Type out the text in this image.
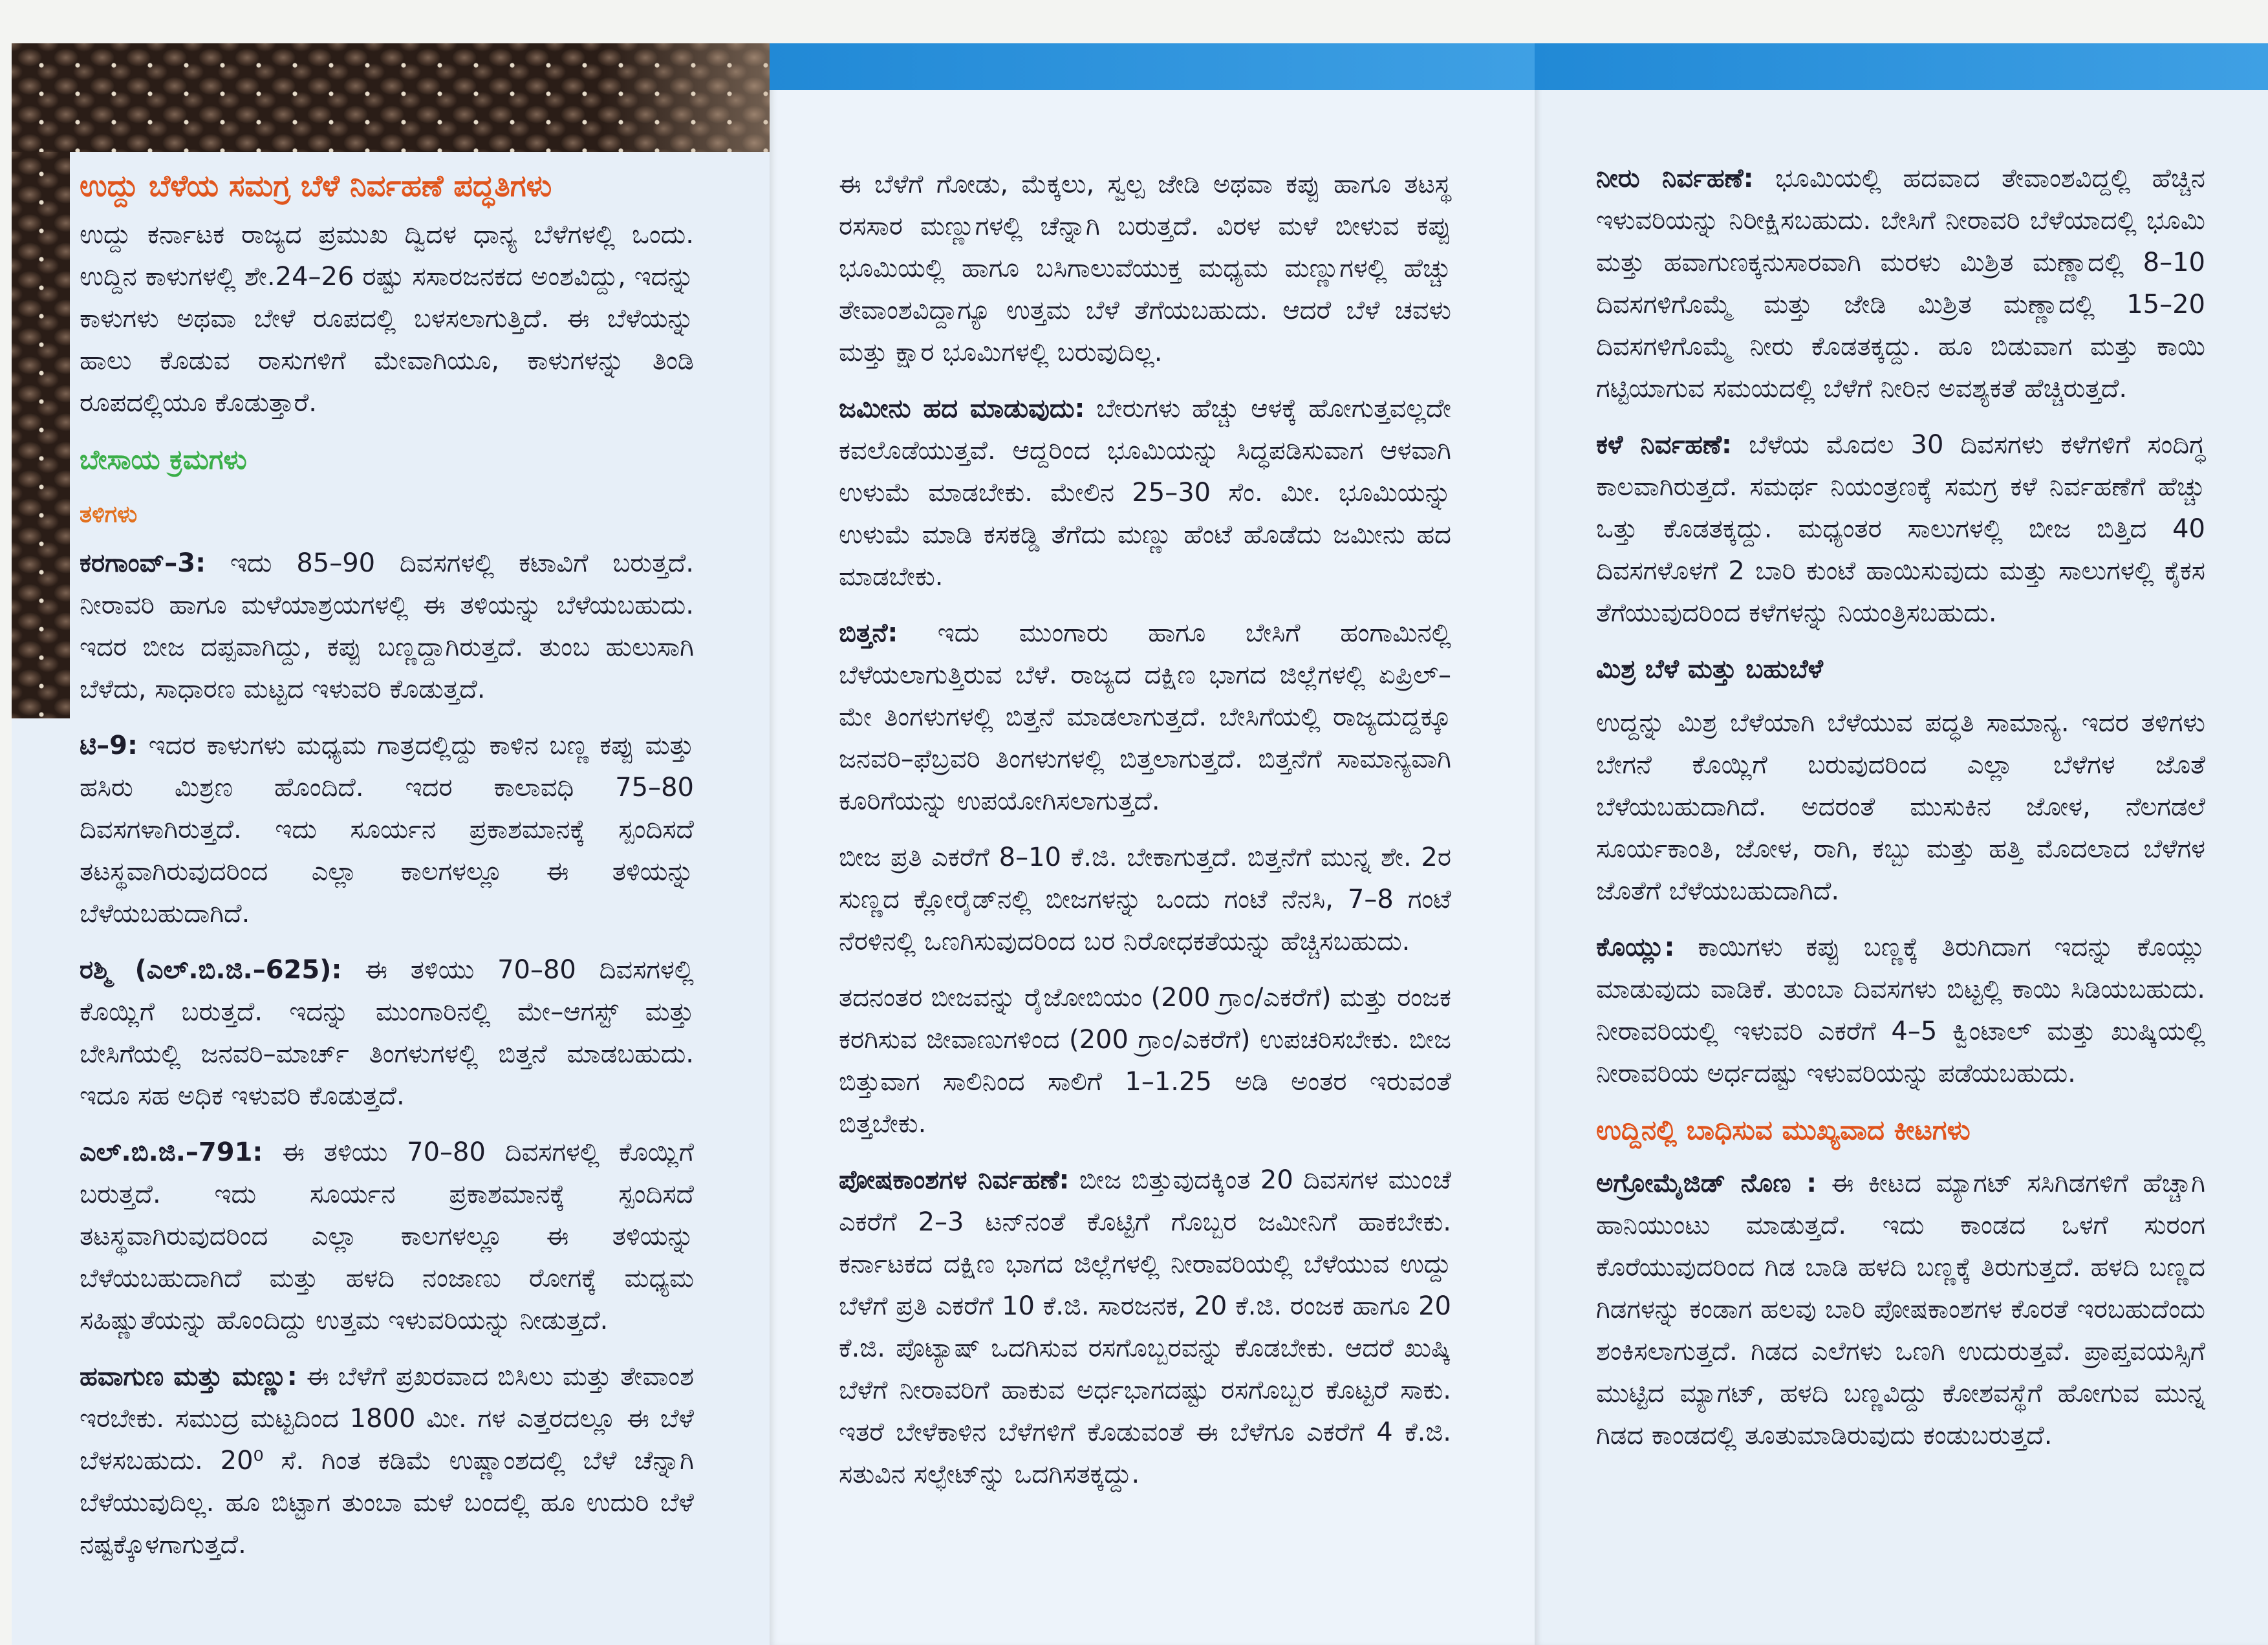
ಉದ್ದು ಬೆಳೆಯ ಸಮಗ್ರ ಬೆಳೆ ನಿರ್ವಹಣೆ ಪದ್ಧತಿಗಳು

ಉದ್ದು ಕರ್ನಾಟಕ ರಾಜ್ಯದ ಪ್ರಮುಖ ದ್ವಿದಳ ಧಾನ್ಯ ಬೆಳೆಗಳಲ್ಲಿ ಒಂದು. ಉದ್ದಿನ ಕಾಳುಗಳಲ್ಲಿ ಶೇ.24–26 ರಷ್ಟು ಸಸಾರಜನಕದ ಅಂಶವಿದ್ದು, ಇದನ್ನು ಕಾಳುಗಳು ಅಥವಾ ಬೇಳೆ ರೂಪದಲ್ಲಿ ಬಳಸಲಾಗುತ್ತಿದೆ. ಈ ಬೆಳೆಯನ್ನು ಹಾಲು ಕೊಡುವ ರಾಸುಗಳಿಗೆ ಮೇವಾಗಿಯೂ, ಕಾಳುಗಳನ್ನು ತಿಂಡಿ ರೂಪದಲ್ಲಿಯೂ ಕೊಡುತ್ತಾರೆ.

ಬೇಸಾಯ ಕ್ರಮಗಳು
ತಳಿಗಳು

ಕರಗಾಂವ್–3: ಇದು 85–90 ದಿವಸಗಳಲ್ಲಿ ಕಟಾವಿಗೆ ಬರುತ್ತದೆ. ನೀರಾವರಿ ಹಾಗೂ ಮಳೆಯಾಶ್ರಯಗಳಲ್ಲಿ ಈ ತಳಿಯನ್ನು ಬೆಳೆಯಬಹುದು. ಇದರ ಬೀಜ ದಪ್ಪವಾಗಿದ್ದು, ಕಪ್ಪು ಬಣ್ಣದ್ದಾಗಿರುತ್ತದೆ. ತುಂಬ ಹುಲುಸಾಗಿ ಬೆಳೆದು, ಸಾಧಾರಣ ಮಟ್ಟದ ಇಳುವರಿ ಕೊಡುತ್ತದೆ.

ಟಿ–9: ಇದರ ಕಾಳುಗಳು ಮಧ್ಯಮ ಗಾತ್ರದಲ್ಲಿದ್ದು ಕಾಳಿನ ಬಣ್ಣ ಕಪ್ಪು ಮತ್ತು ಹಸಿರು ಮಿಶ್ರಣ ಹೊಂದಿದೆ. ಇದರ ಕಾಲಾವಧಿ 75–80 ದಿವಸಗಳಾಗಿರುತ್ತದೆ. ಇದು ಸೂರ್ಯನ ಪ್ರಕಾಶಮಾನಕ್ಕೆ ಸ್ಪಂದಿಸದೆ ತಟಸ್ಥವಾಗಿರುವುದರಿಂದ ಎಲ್ಲಾ ಕಾಲಗಳಲ್ಲೂ ಈ ತಳಿಯನ್ನು ಬೆಳೆಯಬಹುದಾಗಿದೆ.

ರಶ್ಮಿ (ಎಲ್.ಬಿ.ಜಿ.–625): ಈ ತಳಿಯು 70–80 ದಿವಸಗಳಲ್ಲಿ ಕೊಯ್ಲಿಗೆ ಬರುತ್ತದೆ. ಇದನ್ನು ಮುಂಗಾರಿನಲ್ಲಿ ಮೇ–ಆಗಸ್ಟ್ ಮತ್ತು ಬೇಸಿಗೆಯಲ್ಲಿ ಜನವರಿ–ಮಾರ್ಚ್ ತಿಂಗಳುಗಳಲ್ಲಿ ಬಿತ್ತನೆ ಮಾಡಬಹುದು. ಇದೂ ಸಹ ಅಧಿಕ ಇಳುವರಿ ಕೊಡುತ್ತದೆ.

ಎಲ್.ಬಿ.ಜಿ.–791: ಈ ತಳಿಯು 70–80 ದಿವಸಗಳಲ್ಲಿ ಕೊಯ್ಲಿಗೆ ಬರುತ್ತದೆ. ಇದು ಸೂರ್ಯನ ಪ್ರಕಾಶಮಾನಕ್ಕೆ ಸ್ಪಂದಿಸದೆ ತಟಸ್ಥವಾಗಿರುವುದರಿಂದ ಎಲ್ಲಾ ಕಾಲಗಳಲ್ಲೂ ಈ ತಳಿಯನ್ನು ಬೆಳೆಯಬಹುದಾಗಿದೆ ಮತ್ತು ಹಳದಿ ನಂಜಾಣು ರೋಗಕ್ಕೆ ಮಧ್ಯಮ ಸಹಿಷ್ಣುತೆಯನ್ನು ಹೊಂದಿದ್ದು ಉತ್ತಮ ಇಳುವರಿಯನ್ನು ನೀಡುತ್ತದೆ.

ಹವಾಗುಣ ಮತ್ತು ಮಣ್ಣು: ಈ ಬೆಳೆಗೆ ಪ್ರಖರವಾದ ಬಿಸಿಲು ಮತ್ತು ತೇವಾಂಶ ಇರಬೇಕು. ಸಮುದ್ರ ಮಟ್ಟದಿಂದ 1800 ಮೀ. ಗಳ ಎತ್ತರದಲ್ಲೂ ಈ ಬೆಳೆ ಬೆಳಸಬಹುದು. 20⁰ ಸೆ. ಗಿಂತ ಕಡಿಮೆ ಉಷ್ಣಾಂಶದಲ್ಲಿ ಬೆಳೆ ಚೆನ್ನಾಗಿ ಬೆಳೆಯುವುದಿಲ್ಲ. ಹೂ ಬಿಟ್ಟಾಗ ತುಂಬಾ ಮಳೆ ಬಂದಲ್ಲಿ ಹೂ ಉದುರಿ ಬೆಳೆ ನಷ್ಟಕ್ಕೊಳಗಾಗುತ್ತದೆ.

ಈ ಬೆಳೆಗೆ ಗೋಡು, ಮೆಕ್ಕಲು, ಸ್ವಲ್ಪ ಜೇಡಿ ಅಥವಾ ಕಪ್ಪು ಹಾಗೂ ತಟಸ್ಥ ರಸಸಾರ ಮಣ್ಣುಗಳಲ್ಲಿ ಚೆನ್ನಾಗಿ ಬರುತ್ತದೆ. ವಿರಳ ಮಳೆ ಬೀಳುವ ಕಪ್ಪು ಭೂಮಿಯಲ್ಲಿ ಹಾಗೂ ಬಸಿಗಾಲುವೆಯುಕ್ತ ಮಧ್ಯಮ ಮಣ್ಣುಗಳಲ್ಲಿ ಹೆಚ್ಚು ತೇವಾಂಶವಿದ್ದಾಗ್ಯೂ ಉತ್ತಮ ಬೆಳೆ ತೆಗೆಯಬಹುದು. ಆದರೆ ಬೆಳೆ ಚವಳು ಮತ್ತು ಕ್ಷಾರ ಭೂಮಿಗಳಲ್ಲಿ ಬರುವುದಿಲ್ಲ.

ಜಮೀನು ಹದ ಮಾಡುವುದು: ಬೇರುಗಳು ಹೆಚ್ಚು ಆಳಕ್ಕೆ ಹೋಗುತ್ತವಲ್ಲದೇ ಕವಲೊಡೆಯುತ್ತವೆ. ಆದ್ದರಿಂದ ಭೂಮಿಯನ್ನು ಸಿದ್ಧಪಡಿಸುವಾಗ ಆಳವಾಗಿ ಉಳುಮೆ ಮಾಡಬೇಕು. ಮೇಲಿನ 25–30 ಸೆಂ. ಮೀ. ಭೂಮಿಯನ್ನು ಉಳುಮೆ ಮಾಡಿ ಕಸಕಡ್ಡಿ ತೆಗೆದು ಮಣ್ಣು ಹೆಂಟೆ ಹೊಡೆದು ಜಮೀನು ಹದ ಮಾಡಬೇಕು.

ಬಿತ್ತನೆ: ಇದು ಮುಂಗಾರು ಹಾಗೂ ಬೇಸಿಗೆ ಹಂಗಾಮಿನಲ್ಲಿ ಬೆಳೆಯಲಾಗುತ್ತಿರುವ ಬೆಳೆ. ರಾಜ್ಯದ ದಕ್ಷಿಣ ಭಾಗದ ಜಿಲ್ಲೆಗಳಲ್ಲಿ ಏಪ್ರಿಲ್–ಮೇ ತಿಂಗಳುಗಳಲ್ಲಿ ಬಿತ್ತನೆ ಮಾಡಲಾಗುತ್ತದೆ. ಬೇಸಿಗೆಯಲ್ಲಿ ರಾಜ್ಯದುದ್ದಕ್ಕೂ ಜನವರಿ–ಫೆಬ್ರವರಿ ತಿಂಗಳುಗಳಲ್ಲಿ ಬಿತ್ತಲಾಗುತ್ತದೆ. ಬಿತ್ತನೆಗೆ ಸಾಮಾನ್ಯವಾಗಿ ಕೂರಿಗೆಯನ್ನು ಉಪಯೋಗಿಸಲಾಗುತ್ತದೆ.

ಬೀಜ ಪ್ರತಿ ಎಕರೆಗೆ 8–10 ಕೆ.ಜಿ. ಬೇಕಾಗುತ್ತದೆ. ಬಿತ್ತನೆಗೆ ಮುನ್ನ ಶೇ. 2ರ ಸುಣ್ಣದ ಕ್ಲೋರೈಡ್‌ನಲ್ಲಿ ಬೀಜಗಳನ್ನು ಒಂದು ಗಂಟೆ ನೆನಸಿ, 7–8 ಗಂಟೆ ನೆರಳಿನಲ್ಲಿ ಒಣಗಿಸುವುದರಿಂದ ಬರ ನಿರೋಧಕತೆಯನ್ನು ಹೆಚ್ಚಿಸಬಹುದು.

ತದನಂತರ ಬೀಜವನ್ನು ರೈಜೋಬಿಯಂ (200 ಗ್ರಾಂ/ಎಕರೆಗೆ) ಮತ್ತು ರಂಜಕ ಕರಗಿಸುವ ಜೀವಾಣುಗಳಿಂದ (200 ಗ್ರಾಂ/ಎಕರೆಗೆ) ಉಪಚರಿಸಬೇಕು. ಬೀಜ ಬಿತ್ತುವಾಗ ಸಾಲಿನಿಂದ ಸಾಲಿಗೆ 1–1.25 ಅಡಿ ಅಂತರ ಇರುವಂತೆ ಬಿತ್ತಬೇಕು.

ಪೋಷಕಾಂಶಗಳ ನಿರ್ವಹಣೆ: ಬೀಜ ಬಿತ್ತುವುದಕ್ಕಿಂತ 20 ದಿವಸಗಳ ಮುಂಚೆ ಎಕರೆಗೆ 2–3 ಟನ್‌ನಂತೆ ಕೊಟ್ಟಿಗೆ ಗೊಬ್ಬರ ಜಮೀನಿಗೆ ಹಾಕಬೇಕು. ಕರ್ನಾಟಕದ ದಕ್ಷಿಣ ಭಾಗದ ಜಿಲ್ಲೆಗಳಲ್ಲಿ ನೀರಾವರಿಯಲ್ಲಿ ಬೆಳೆಯುವ ಉದ್ದು ಬೆಳೆಗೆ ಪ್ರತಿ ಎಕರೆಗೆ 10 ಕೆ.ಜಿ. ಸಾರಜನಕ, 20 ಕೆ.ಜಿ. ರಂಜಕ ಹಾಗೂ 20 ಕೆ.ಜಿ. ಪೊಟ್ಯಾಷ್ ಒದಗಿಸುವ ರಸಗೊಬ್ಬರವನ್ನು ಕೊಡಬೇಕು. ಆದರೆ ಖುಷ್ಕಿ ಬೆಳೆಗೆ ನೀರಾವರಿಗೆ ಹಾಕುವ ಅರ್ಧಭಾಗದಷ್ಟು ರಸಗೊಬ್ಬರ ಕೊಟ್ಟರೆ ಸಾಕು. ಇತರೆ ಬೇಳೆಕಾಳಿನ ಬೆಳೆಗಳಿಗೆ ಕೊಡುವಂತೆ ಈ ಬೆಳೆಗೂ ಎಕರೆಗೆ 4 ಕೆ.ಜಿ. ಸತುವಿನ ಸಲ್ಫೇಟ್‌ನ್ನು ಒದಗಿಸತಕ್ಕದ್ದು.

ನೀರು ನಿರ್ವಹಣೆ: ಭೂಮಿಯಲ್ಲಿ ಹದವಾದ ತೇವಾಂಶವಿದ್ದಲ್ಲಿ ಹೆಚ್ಚಿನ ಇಳುವರಿಯನ್ನು ನಿರೀಕ್ಷಿಸಬಹುದು. ಬೇಸಿಗೆ ನೀರಾವರಿ ಬೆಳೆಯಾದಲ್ಲಿ ಭೂಮಿ ಮತ್ತು ಹವಾಗುಣಕ್ಕನುಸಾರವಾಗಿ ಮರಳು ಮಿಶ್ರಿತ ಮಣ್ಣಾದಲ್ಲಿ 8–10 ದಿವಸಗಳಿಗೊಮ್ಮೆ ಮತ್ತು ಜೇಡಿ ಮಿಶ್ರಿತ ಮಣ್ಣಾದಲ್ಲಿ 15–20 ದಿವಸಗಳಿಗೊಮ್ಮೆ ನೀರು ಕೊಡತಕ್ಕದ್ದು. ಹೂ ಬಿಡುವಾಗ ಮತ್ತು ಕಾಯಿ ಗಟ್ಟಿಯಾಗುವ ಸಮಯದಲ್ಲಿ ಬೆಳೆಗೆ ನೀರಿನ ಅವಶ್ಯಕತೆ ಹೆಚ್ಚಿರುತ್ತದೆ.

ಕಳೆ ನಿರ್ವಹಣೆ: ಬೆಳೆಯ ಮೊದಲ 30 ದಿವಸಗಳು ಕಳೆಗಳಿಗೆ ಸಂದಿಗ್ಧ ಕಾಲವಾಗಿರುತ್ತದೆ. ಸಮರ್ಥ ನಿಯಂತ್ರಣಕ್ಕೆ ಸಮಗ್ರ ಕಳೆ ನಿರ್ವಹಣೆಗೆ ಹೆಚ್ಚು ಒತ್ತು ಕೊಡತಕ್ಕದ್ದು. ಮಧ್ಯಂತರ ಸಾಲುಗಳಲ್ಲಿ ಬೀಜ ಬಿತ್ತಿದ 40 ದಿವಸಗಳೊಳಗೆ 2 ಬಾರಿ ಕುಂಟೆ ಹಾಯಿಸುವುದು ಮತ್ತು ಸಾಲುಗಳಲ್ಲಿ ಕೈಕಸ ತೆಗೆಯುವುದರಿಂದ ಕಳೆಗಳನ್ನು ನಿಯಂತ್ರಿಸಬಹುದು.

ಮಿಶ್ರ ಬೆಳೆ ಮತ್ತು ಬಹುಬೆಳೆ

ಉದ್ದನ್ನು ಮಿಶ್ರ ಬೆಳೆಯಾಗಿ ಬೆಳೆಯುವ ಪದ್ಧತಿ ಸಾಮಾನ್ಯ. ಇದರ ತಳಿಗಳು ಬೇಗನೆ ಕೊಯ್ಲಿಗೆ ಬರುವುದರಿಂದ ಎಲ್ಲಾ ಬೆಳೆಗಳ ಜೊತೆ ಬೆಳೆಯಬಹುದಾಗಿದೆ. ಅದರಂತೆ ಮುಸುಕಿನ ಜೋಳ, ನೆಲಗಡಲೆ ಸೂರ್ಯಕಾಂತಿ, ಜೋಳ, ರಾಗಿ, ಕಬ್ಬು ಮತ್ತು ಹತ್ತಿ ಮೊದಲಾದ ಬೆಳೆಗಳ ಜೊತೆಗೆ ಬೆಳೆಯಬಹುದಾಗಿದೆ.

ಕೊಯ್ಲು: ಕಾಯಿಗಳು ಕಪ್ಪು ಬಣ್ಣಕ್ಕೆ ತಿರುಗಿದಾಗ ಇದನ್ನು ಕೊಯ್ಲು ಮಾಡುವುದು ವಾಡಿಕೆ. ತುಂಬಾ ದಿವಸಗಳು ಬಿಟ್ಟಲ್ಲಿ ಕಾಯಿ ಸಿಡಿಯಬಹುದು. ನೀರಾವರಿಯಲ್ಲಿ ಇಳುವರಿ ಎಕರೆಗೆ 4–5 ಕ್ವಿಂಟಾಲ್ ಮತ್ತು ಖುಷ್ಕಿಯಲ್ಲಿ ನೀರಾವರಿಯ ಅರ್ಧದಷ್ಟು ಇಳುವರಿಯನ್ನು ಪಡೆಯಬಹುದು.

ಉದ್ದಿನಲ್ಲಿ ಬಾಧಿಸುವ ಮುಖ್ಯವಾದ ಕೀಟಗಳು

ಅಗ್ರೋಮೈಜಿಡ್ ನೊಣ : ಈ ಕೀಟದ ಮ್ಯಾಗಟ್ ಸಸಿಗಿಡಗಳಿಗೆ ಹೆಚ್ಚಾಗಿ ಹಾನಿಯುಂಟು ಮಾಡುತ್ತದೆ. ಇದು ಕಾಂಡದ ಒಳಗೆ ಸುರಂಗ ಕೊರೆಯುವುದರಿಂದ ಗಿಡ ಬಾಡಿ ಹಳದಿ ಬಣ್ಣಕ್ಕೆ ತಿರುಗುತ್ತದೆ. ಹಳದಿ ಬಣ್ಣದ ಗಿಡಗಳನ್ನು ಕಂಡಾಗ ಹಲವು ಬಾರಿ ಪೋಷಕಾಂಶಗಳ ಕೊರತೆ ಇರಬಹುದೆಂದು ಶಂಕಿಸಲಾಗುತ್ತದೆ. ಗಿಡದ ಎಲೆಗಳು ಒಣಗಿ ಉದುರುತ್ತವೆ. ಪ್ರಾಪ್ತವಯಸ್ಸಿಗೆ ಮುಟ್ಟಿದ ಮ್ಯಾಗಟ್, ಹಳದಿ ಬಣ್ಣವಿದ್ದು ಕೋಶವಸ್ಥೆಗೆ ಹೋಗುವ ಮುನ್ನ ಗಿಡದ ಕಾಂಡದಲ್ಲಿ ತೂತುಮಾಡಿರುವುದು ಕಂಡುಬರುತ್ತದೆ.
